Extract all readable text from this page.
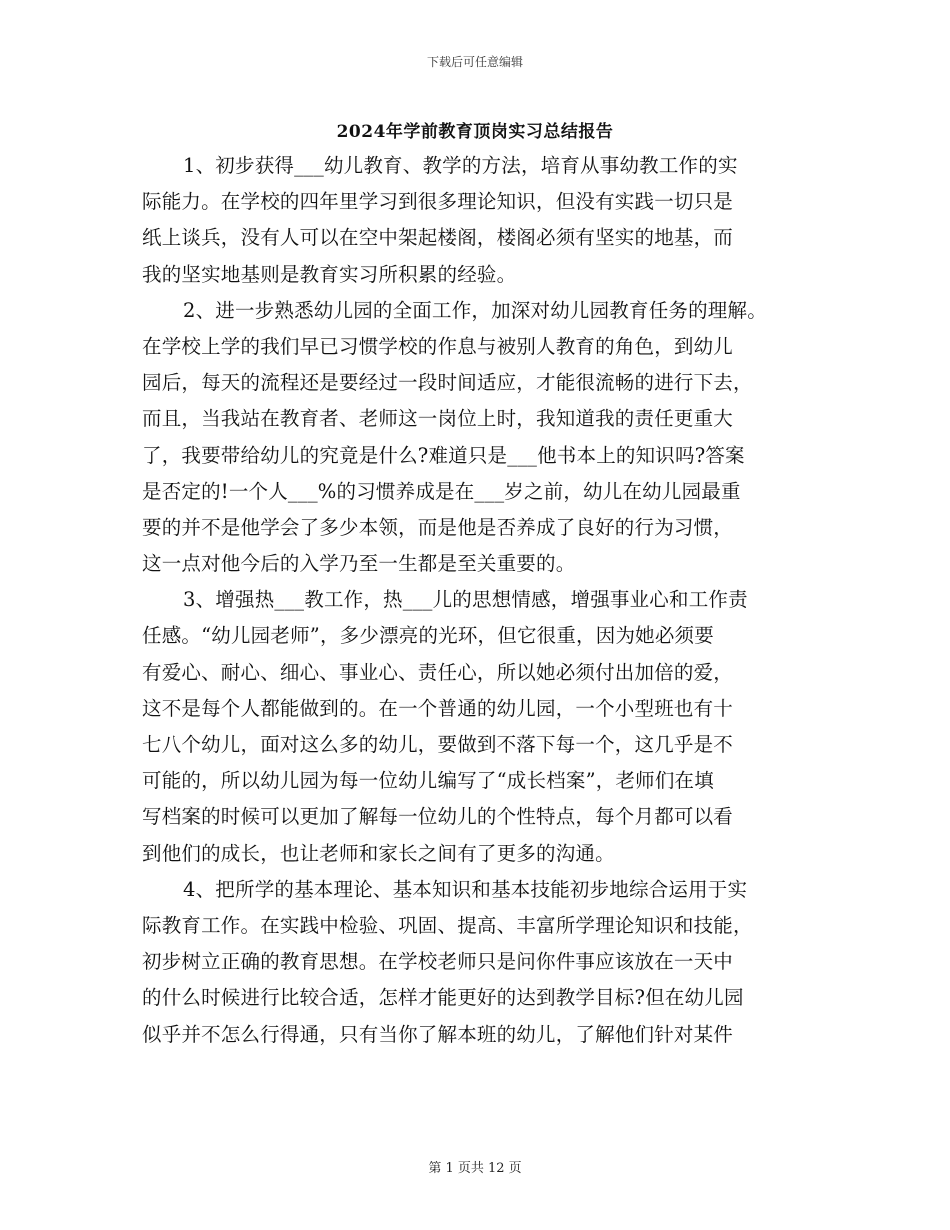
下载后可任意编辑
2024年学前教育顶岗实习总结报告
1、初步获得___幼儿教育、教学的方法，培育从事幼教工作的实
际能力。在学校的四年里学习到很多理论知识，但没有实践一切只是
纸上谈兵，没有人可以在空中架起楼阁，楼阁必须有坚实的地基，而
我的坚实地基则是教育实习所积累的经验。
2、进一步熟悉幼儿园的全面工作，加深对幼儿园教育任务的理解。
在学校上学的我们早已习惯学校的作息与被别人教育的角色，到幼儿
园后，每天的流程还是要经过一段时间适应，才能很流畅的进行下去，
而且，当我站在教育者、老师这一岗位上时，我知道我的责任更重大
了，我要带给幼儿的究竟是什么?难道只是___他书本上的知识吗?答案
是否定的!一个人___%的习惯养成是在___岁之前，幼儿在幼儿园最重
要的并不是他学会了多少本领，而是他是否养成了良好的行为习惯，
这一点对他今后的入学乃至一生都是至关重要的。
3、增强热___教工作，热___儿的思想情感，增强事业心和工作责
任感。“幼儿园老师”，多少漂亮的光环，但它很重，因为她必须要
有爱心、耐心、细心、事业心、责任心，所以她必须付出加倍的爱，
这不是每个人都能做到的。在一个普通的幼儿园，一个小型班也有十
七八个幼儿，面对这么多的幼儿，要做到不落下每一个，这几乎是不
可能的，所以幼儿园为每一位幼儿编写了“成长档案”，老师们在填
写档案的时候可以更加了解每一位幼儿的个性特点，每个月都可以看
到他们的成长，也让老师和家长之间有了更多的沟通。
4、把所学的基本理论、基本知识和基本技能初步地综合运用于实
际教育工作。在实践中检验、巩固、提高、丰富所学理论知识和技能，
初步树立正确的教育思想。在学校老师只是问你件事应该放在一天中
的什么时候进行比较合适，怎样才能更好的达到教学目标?但在幼儿园
似乎并不怎么行得通，只有当你了解本班的幼儿，了解他们针对某件
第 1 页共 12 页
